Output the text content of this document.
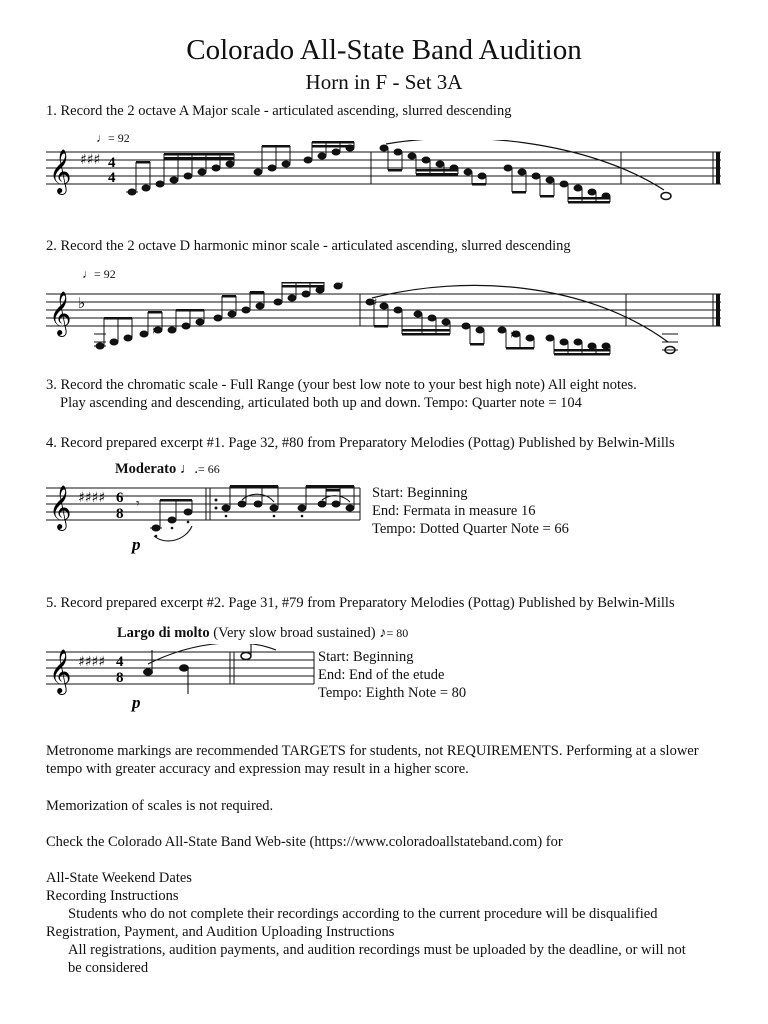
Colorado All-State Band Audition
Horn in F - Set 3A
1. Record the 2 octave A Major scale - articulated ascending, slurred descending
♩= 92
𝄞 ♯♯♯ 4
4
2. Record the 2 octave D harmonic minor scale - articulated ascending, slurred descending
♩= 92
𝄞 ♭
♯
♯
♯
3. Record the chromatic scale - Full Range (your best low note to your best high note) All eight notes.
Play ascending and descending, articulated both up and down. Tempo: Quarter note = 104
4. Record prepared excerpt #1. Page 32, #80 from Preparatory Melodies (Pottag) Published by Belwin-Mills
Moderato ♩.= 66
𝄞 ♯♯♯♯ 6
8
𝄾
p
Start: Beginning
End: Fermata in measure 16
Tempo: Dotted Quarter Note = 66
5. Record prepared excerpt #2. Page 31, #79 from Preparatory Melodies (Pottag) Published by Belwin-Mills
Largo di molto (Very slow broad sustained) ♪= 80
𝄞 ♯♯♯♯ 4
8
p
Start: Beginning
End: End of the etude
Tempo: Eighth Note = 80
Metronome markings are recommended TARGETS for students, not REQUIREMENTS. Performing at a slower tempo with greater accuracy and expression may result in a higher score.
Memorization of scales is not required.
Check the Colorado All-State Band Web-site (https://www.coloradoallstateband.com) for
All-State Weekend Dates
Recording Instructions
Students who do not complete their recordings according to the current procedure will be disqualified
Registration, Payment, and Audition Uploading Instructions
All registrations, audition payments, and audition recordings must be uploaded by the deadline, or will not be considered
